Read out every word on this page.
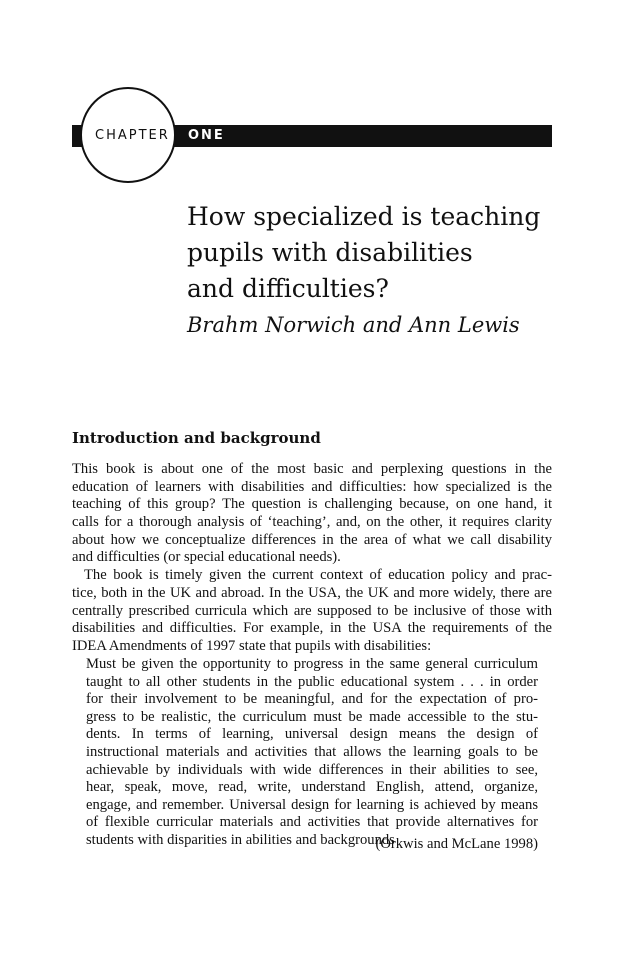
CHAPTER ONE
How specialized is teaching
pupils with disabilities
and difficulties?
Brahm Norwich and Ann Lewis
Introduction and background
This book is about one of the most basic and perplexing questions in the
education of learners with disabilities and difficulties: how specialized is the
teaching of this group? The question is challenging because, on one hand, it
calls for a thorough analysis of ‘teaching’, and, on the other, it requires clarity
about how we conceptualize differences in the area of what we call disability
and difficulties (or special educational needs).
The book is timely given the current context of education policy and prac-
tice, both in the UK and abroad. In the USA, the UK and more widely, there are
centrally prescribed curricula which are supposed to be inclusive of those with
disabilities and difficulties. For example, in the USA the requirements of the
IDEA Amendments of 1997 state that pupils with disabilities:
Must be given the opportunity to progress in the same general curriculum
taught to all other students in the public educational system . . . in order
for their involvement to be meaningful, and for the expectation of pro-
gress to be realistic, the curriculum must be made accessible to the stu-
dents. In terms of learning, universal design means the design of
instructional materials and activities that allows the learning goals to be
achievable by individuals with wide differences in their abilities to see,
hear, speak, move, read, write, understand English, attend, organize,
engage, and remember. Universal design for learning is achieved by means
of flexible curricular materials and activities that provide alternatives for
students with disparities in abilities and backgrounds
(Orkwis and McLane 1998)
